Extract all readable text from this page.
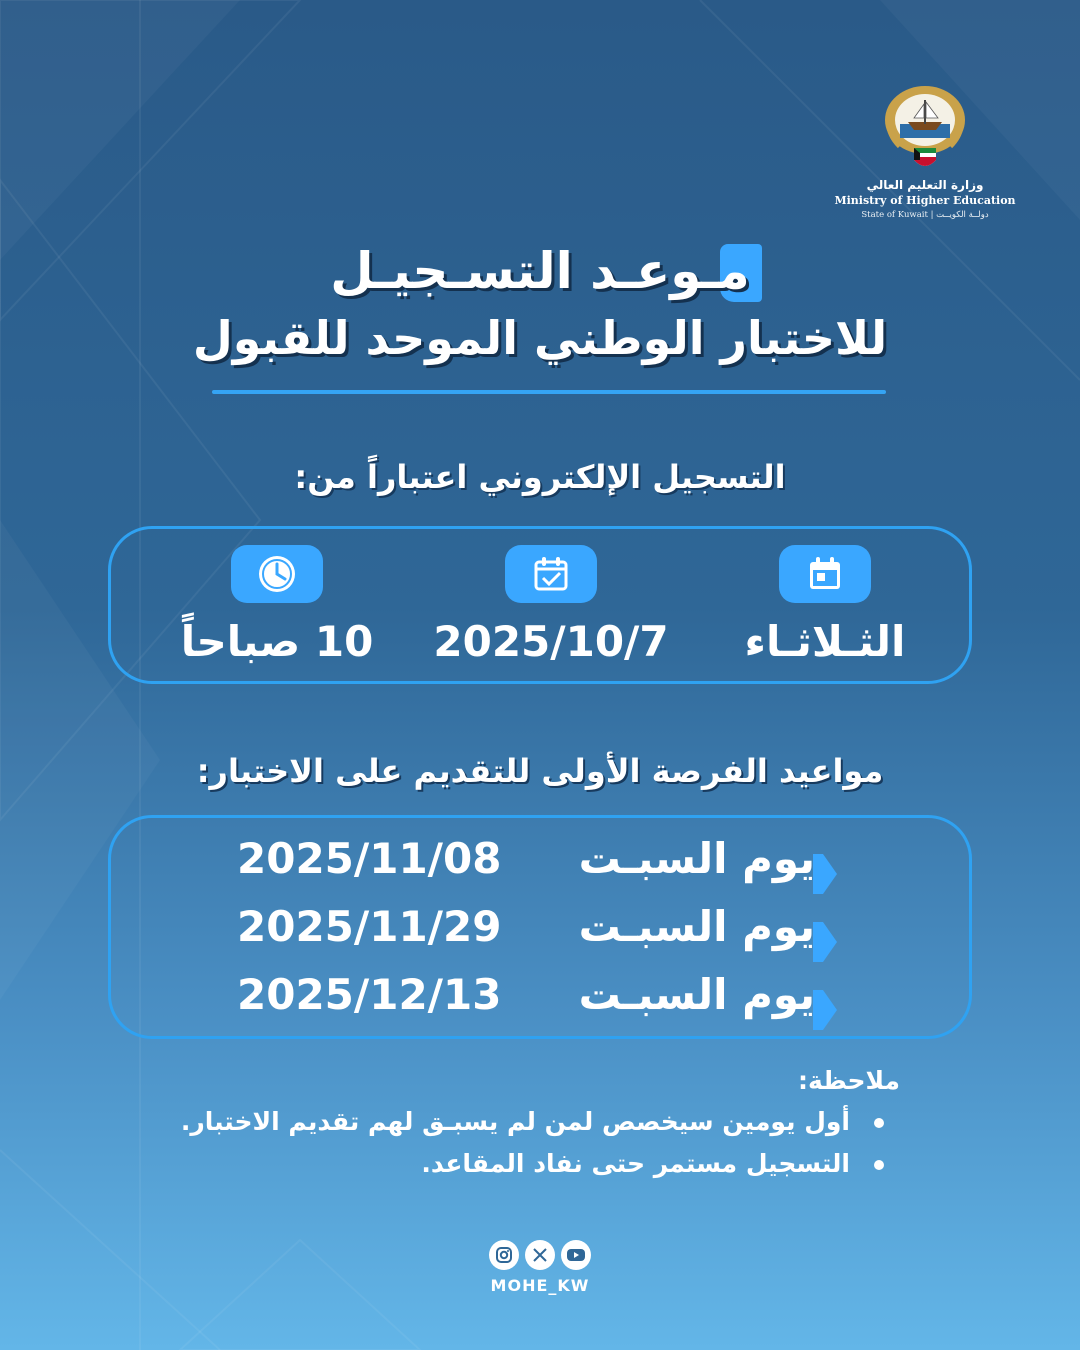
وزارة التعليم العالي
Ministry of Higher Education
State of Kuwait | دولــة الكويــت
مـوعـد التسـجيـل
للاختبار الوطني الموحد للقبول
التسجيل الإلكتروني اعتباراً من:
الثـلاثـاء
2025/10/7
10 صباحاً
مواعيد الفرصة الأولى للتقديم على الاختبار:
يوم السبـت
2025/11/08
يوم السبـت
2025/11/29
يوم السبـت
2025/12/13
ملاحظة:
أول يومين سيخصص لمن لم يسبـق لهم تقديم الاختبار.
التسجيل مستمر حتى نفاد المقاعد.
MOHE_KW
